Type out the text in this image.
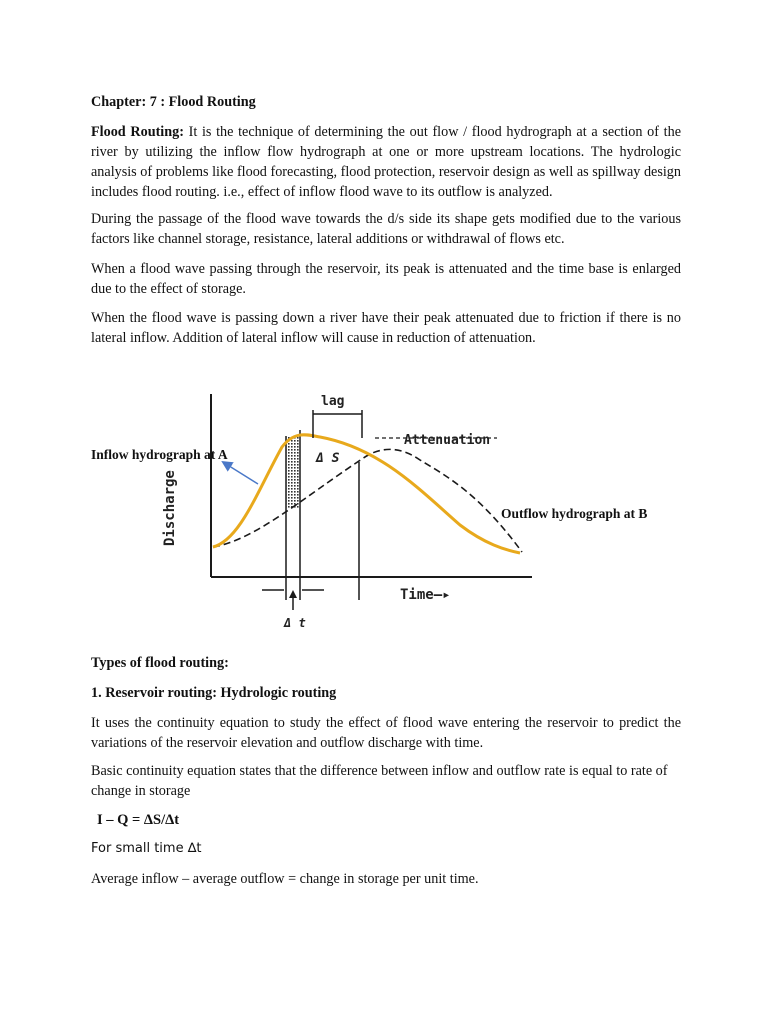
Chapter: 7 : Flood Routing

Flood Routing: It is the technique of determining the out flow / flood hydrograph at a section of the river by utilizing the inflow flow hydrograph at one or more upstream locations. The hydrologic analysis of problems like flood forecasting, flood protection, reservoir design as well as spillway design includes flood routing. i.e., effect of inflow flood wave to its outflow is analyzed.

During the passage of the flood wave towards the d/s side its shape gets modified due to the various factors like channel storage, resistance, lateral additions or withdrawal of flows etc.

When a flood wave passing through the reservoir, its peak is attenuated and the time base is enlarged due to the effect of storage.

When the flood wave is passing down a river have their peak attenuated due to friction if there is no lateral inflow. Addition of lateral inflow will cause in reduction of attenuation.

lag
Attenuation
Δ S
Discharge
Time—▸
Δ t
Inflow hydrograph at A
Outflow hydrograph at B

Types of flood routing:

1. Reservoir routing: Hydrologic routing

It uses the continuity equation to study the effect of flood wave entering the reservoir to predict the variations of the reservoir elevation and outflow discharge with time.

Basic continuity equation states that the difference between inflow and outflow rate is equal to rate of change in storage

I – Q = ΔS/Δt

For small time ∆t

Average inflow – average outflow = change in storage per unit time.
